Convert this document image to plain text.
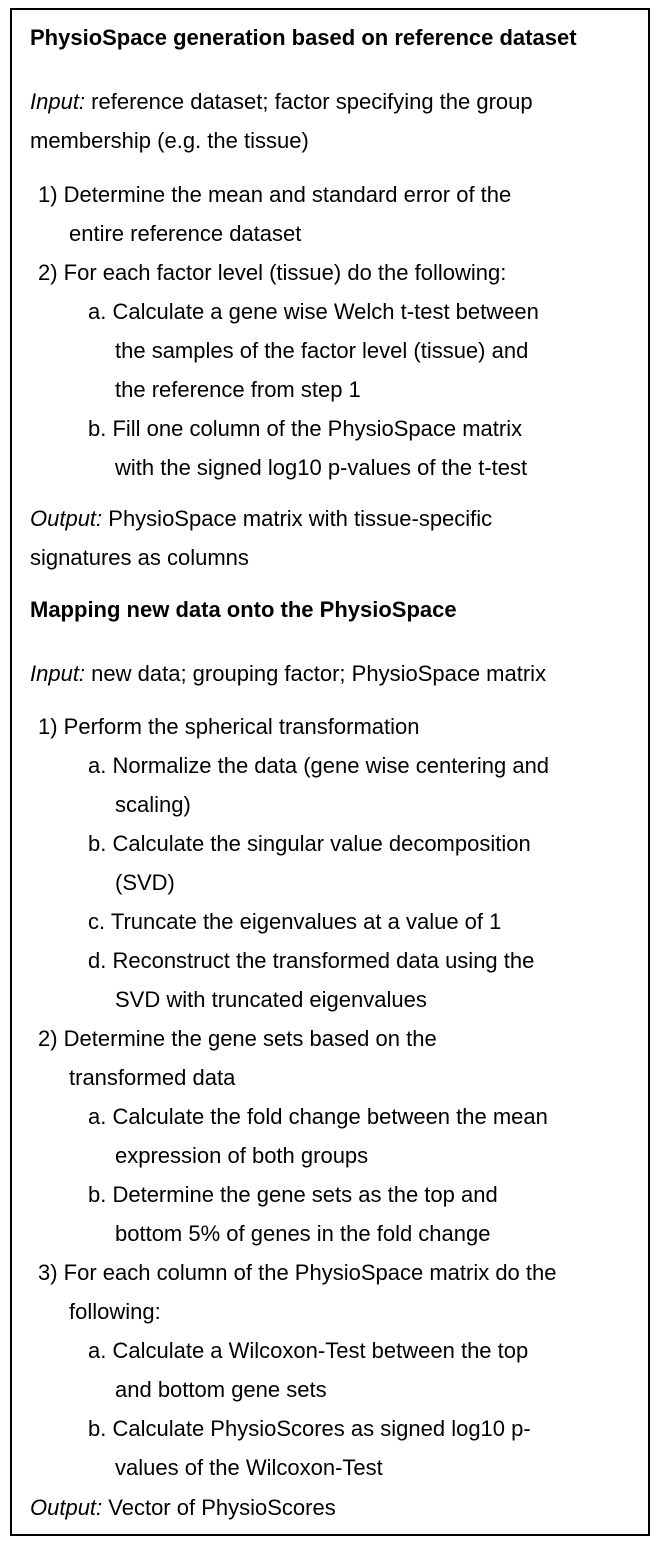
PhysioSpace generation based on reference dataset
Input: reference dataset; factor specifying the group
membership (e.g. the tissue)
1) Determine the mean and standard error of the
entire reference dataset
2) For each factor level (tissue) do the following:
a. Calculate a gene wise Welch t-test between
the samples of the factor level (tissue) and
the reference from step 1
b. Fill one column of the PhysioSpace matrix
with the signed log10 p-values of the t-test
Output: PhysioSpace matrix with tissue-specific
signatures as columns
Mapping new data onto the PhysioSpace
Input: new data; grouping factor; PhysioSpace matrix
1) Perform the spherical transformation
a. Normalize the data (gene wise centering and
scaling)
b. Calculate the singular value decomposition
(SVD)
c. Truncate the eigenvalues at a value of 1
d. Reconstruct the transformed data using the
SVD with truncated eigenvalues
2) Determine the gene sets based on the
transformed data
a. Calculate the fold change between the mean
expression of both groups
b. Determine the gene sets as the top and
bottom 5% of genes in the fold change
3) For each column of the PhysioSpace matrix do the
following:
a. Calculate a Wilcoxon-Test between the top
and bottom gene sets
b. Calculate PhysioScores as signed log10 p-
values of the Wilcoxon-Test
Output: Vector of PhysioScores
